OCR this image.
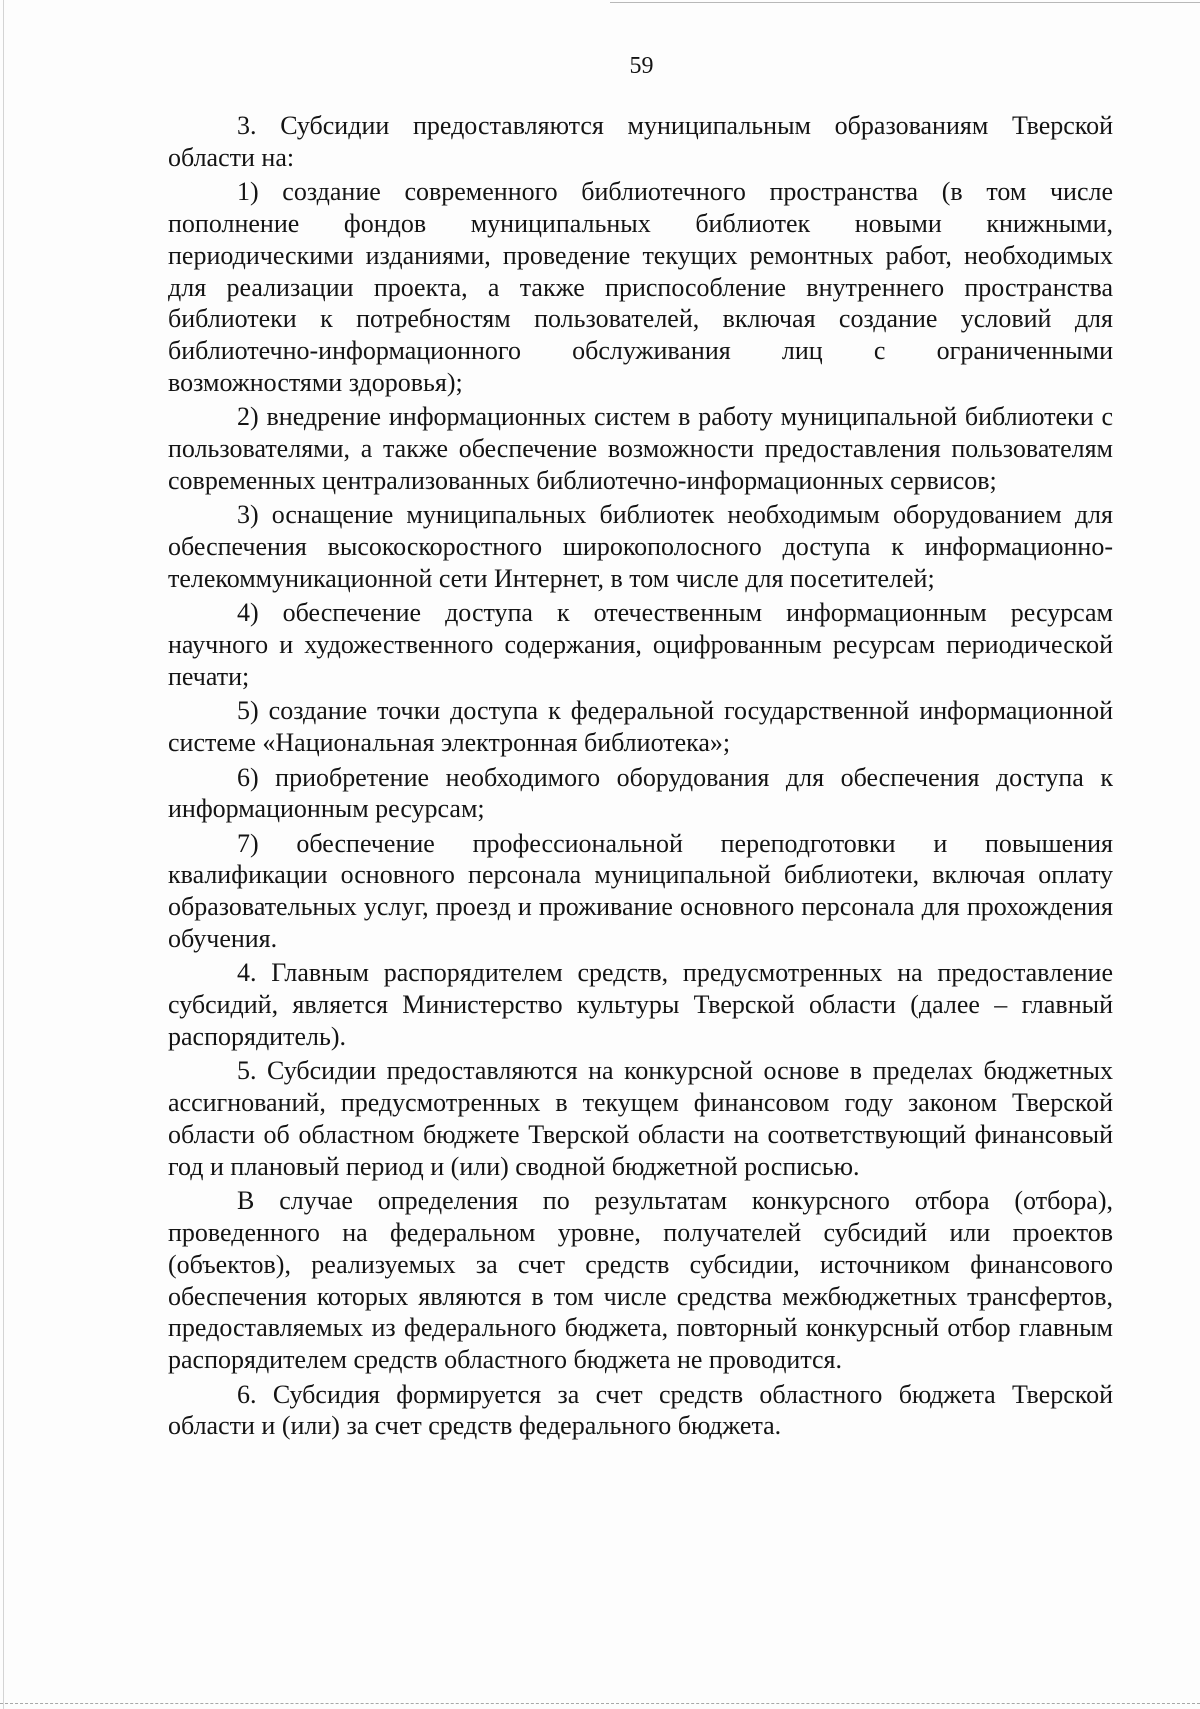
59

3. Субсидии предоставляются муниципальным образованиям Тверской области на:

1) создание современного библиотечного пространства (в том числе пополнение фондов муниципальных библиотек новыми книжными, периодическими изданиями, проведение текущих ремонтных работ, необходимых для реализации проекта, а также приспособление внутреннего пространства библиотеки к потребностям пользователей, включая создание условий для библиотечно-информационного обслуживания лиц с ограниченными возможностями здоровья);

2) внедрение информационных систем в работу муниципальной библиотеки с пользователями, а также обеспечение возможности предоставления пользователям современных централизованных библиотечно-информационных сервисов;

3) оснащение муниципальных библиотек необходимым оборудованием для обеспечения высокоскоростного широкополосного доступа к информационно-телекоммуникационной сети Интернет, в том числе для посетителей;

4) обеспечение доступа к отечественным информационным ресурсам научного и художественного содержания, оцифрованным ресурсам периодической печати;

5) создание точки доступа к федеральной государственной информационной системе «Национальная электронная библиотека»;

6) приобретение необходимого оборудования для обеспечения доступа к информационным ресурсам;

7) обеспечение профессиональной переподготовки и повышения квалификации основного персонала муниципальной библиотеки, включая оплату образовательных услуг, проезд и проживание основного персонала для прохождения обучения.

4. Главным распорядителем средств, предусмотренных на предоставление субсидий, является Министерство культуры Тверской области (далее – главный распорядитель).

5. Субсидии предоставляются на конкурсной основе в пределах бюджетных ассигнований, предусмотренных в текущем финансовом году законом Тверской области об областном бюджете Тверской области на соответствующий финансовый год и плановый период и (или) сводной бюджетной росписью.

В случае определения по результатам конкурсного отбора (отбора), проведенного на федеральном уровне, получателей субсидий или проектов (объектов), реализуемых за счет средств субсидии, источником финансового обеспечения которых являются в том числе средства межбюджетных трансфертов, предоставляемых из федерального бюджета, повторный конкурсный отбор главным распорядителем средств областного бюджета не проводится.

6. Субсидия формируется за счет средств областного бюджета Тверской области и (или) за счет средств федерального бюджета.
